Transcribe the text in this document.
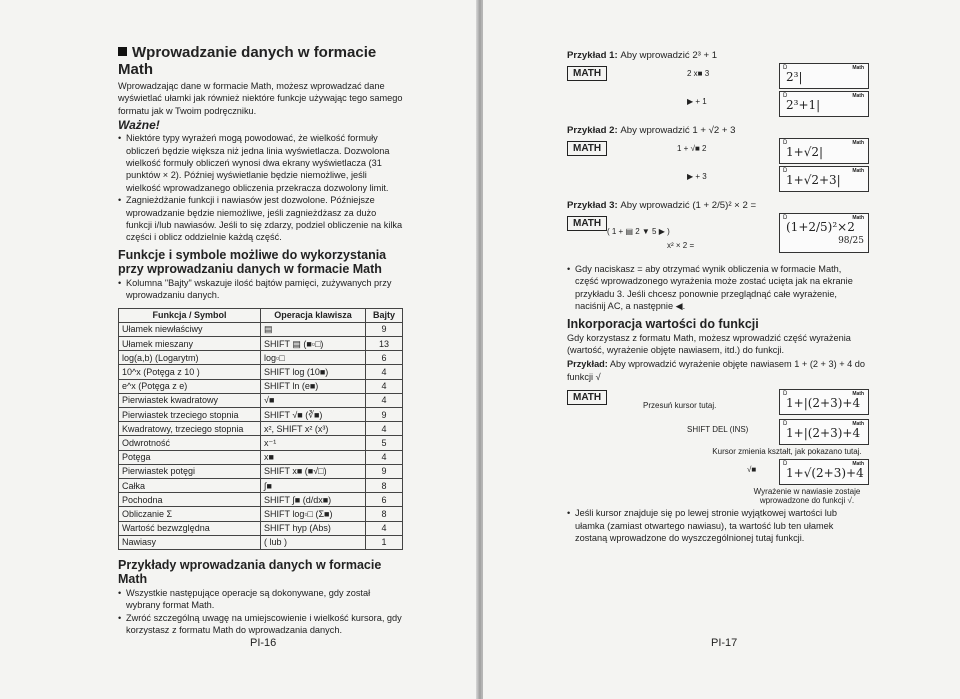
Wprowadzanie danych w formacie Math

Wprowadzając dane w formacie Math, możesz wprowadzać dane wyświetlać ułamki jak również niektóre funkcje używając tego samego formatu jak w Twoim podręczniku.

Ważne!
• Niektóre typy wyrażeń mogą powodować, że wielkość formuły obliczeń będzie większa niż jedna linia wyświetlacza. Dozwolona wielkość formuły obliczeń wynosi dwa ekrany wyświetlacza (31 punktów × 2). Później wyświetlanie będzie niemożliwe, jeśli wielkość wprowadzanego obliczenia przekracza dozwolony limit.
• Zagnieżdżanie funkcji i nawiasów jest dozwolone. Późniejsze wprowadzanie będzie niemożliwe, jeśli zagnieżdżasz za dużo funkcji i/lub nawiasów. Jeśli to się zdarzy, podziel obliczenie na kilka części i oblicz oddzielnie każdą część.
Funkcje i symbole możliwe do wykorzystania przy wprowadzaniu danych w formacie Math
• Kolumna "Bajty" wskazuje ilość bajtów pamięci, zużywanych przy wprowadzaniu danych.
Funkcja / Symbol	Operacja klawisza	Bajty
Ułamek niewłaściwy	▤	9
Ułamek mieszany	SHIFT ▤ (■▫□)	13
log(a,b) (Logarytm)	log▫□	6
10^x (Potęga z 10 )	SHIFT log (10■)	4
e^x (Potęga z e)	SHIFT ln (e■)	4
Pierwiastek kwadratowy	√■	4
Pierwiastek trzeciego stopnia	SHIFT √■ (∛■)	9
Kwadratowy, trzeciego stopnia	x², SHIFT x² (x³)	4
Odwrotność	x⁻¹	5
Potęga	x■	4
Pierwiastek potęgi	SHIFT x■ (■√□)	9
Całka	∫■	8
Pochodna	SHIFT ∫■ (d/dx■)	6
Obliczanie Σ	SHIFT log▫□ (Σ■)	8
Wartość bezwzględna	SHIFT hyp (Abs)	4
Nawiasy	( lub )	1
Przykłady wprowadzania danych w formacie Math
• Wszystkie następujące operacje są dokonywane, gdy został wybrany format Math.
• Zwróć szczególną uwagę na umiejscowienie i wielkość kursora, gdy korzystasz z formatu Math do wprowadzania danych.
PI-16
Przykład 1: Aby wprowadzić 2³ + 1
MATH	2 x■ 3
D	Math
2³|
▶ + 1
D	Math
2³+1|
Przykład 2: Aby wprowadzić 1 + √2 + 3
MATH	1 + √■ 2
D	Math
1+√2|
▶ + 3
D	Math
1+√2+3|
Przykład 3: Aby wprowadzić (1 + 2/5)² × 2 =
MATH
( 1 + ▤ 2 ▼ 5 ▶ )
x² × 2 =
D	Math
(1+2/5)²×2
98/25
• Gdy naciskasz = aby otrzymać wynik obliczenia w formacie Math, część wprowadzonego wyrażenia może zostać ucięta jak na ekranie przykładu 3. Jeśli chcesz ponownie przeglądnąć całe wyrażenie, naciśnij AC, a następnie ◀.
Inkorporacja wartości do funkcji

Gdy korzystasz z formatu Math, możesz wprowadzić część wyrażenia (wartość, wyrażenie objęte nawiasem, itd.) do funkcji.

Przykład: Aby wprowadzić wyrażenie objęte nawiasem 1 + (2 + 3) + 4 do funkcji √

MATH
Przesuń kursor tutaj.
D	Math
1+|(2+3)+4
SHIFT DEL (INS)
D	Math
1+|(2+3)+4
Kursor zmienia kształt, jak pokazano tutaj.
√■
D	Math
1+√(2+3)+4
Wyrażenie w nawiasie zostaje wprowadzone do funkcji √.
• Jeśli kursor znajduje się po lewej stronie wyjątkowej wartości lub ułamka (zamiast otwartego nawiasu), ta wartość lub ten ułamek zostaną wprowadzone do wyszczególnionej tutaj funkcji.
PI-17
